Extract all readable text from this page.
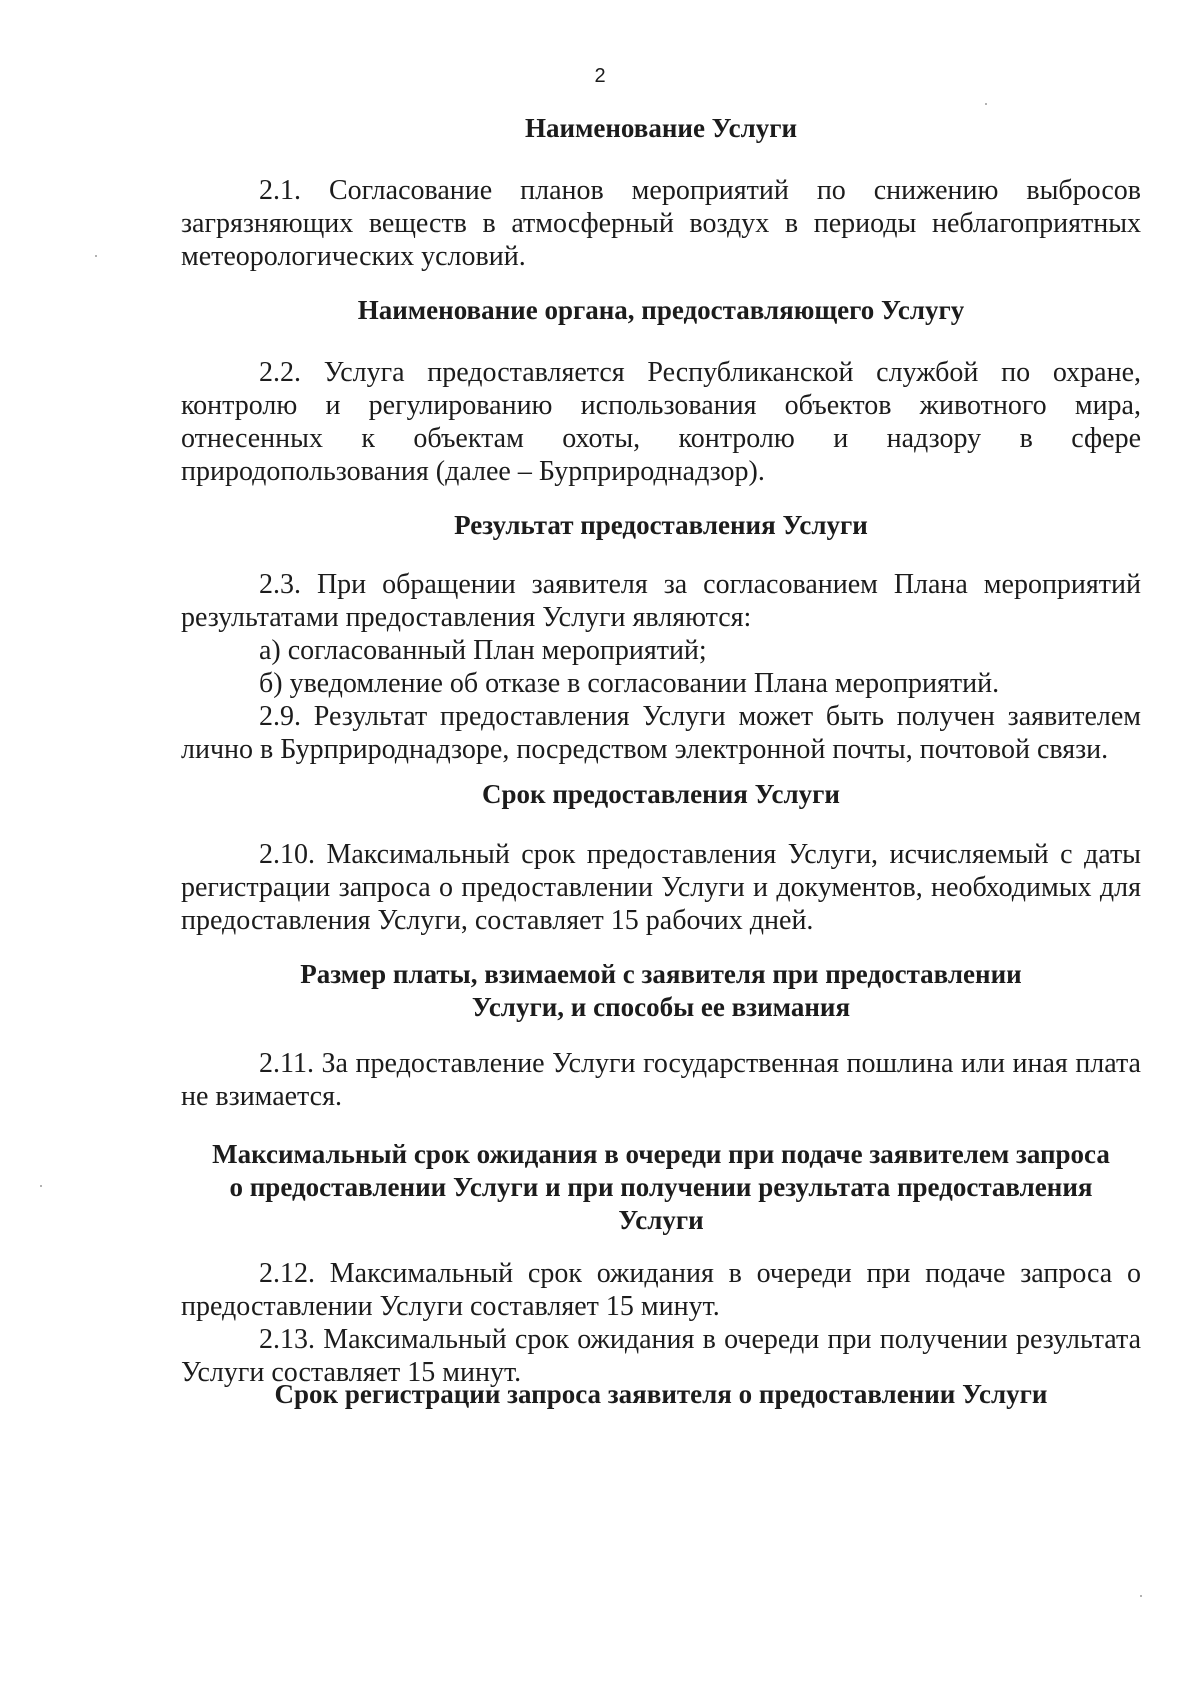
2
Наименование Услуги

2.1. Согласование планов мероприятий по снижению выбросов загрязняющих веществ в атмосферный воздух в периоды неблагоприятных метеорологических условий.

Наименование органа, предоставляющего Услугу

2.2. Услуга предоставляется Республиканской службой по охране, контролю и регулированию использования объектов животного мира, отнесенных к объектам охоты, контролю и надзору в сфере природопользования (далее – Бурприроднадзор).

Результат предоставления Услуги

2.3. При обращении заявителя за согласованием Плана мероприятий результатами предоставления Услуги являются:

а) согласованный План мероприятий;

б) уведомление об отказе в согласовании Плана мероприятий.

2.9. Результат предоставления Услуги может быть получен заявителем лично в Бурприроднадзоре, посредством электронной почты, почтовой связи.

Срок предоставления Услуги

2.10. Максимальный срок предоставления Услуги, исчисляемый с даты регистрации запроса о предоставлении Услуги и документов, необходимых для предоставления Услуги, составляет 15 рабочих дней.

Размер платы, взимаемой с заявителя при предоставлении
Услуги, и способы ее взимания

2.11. За предоставление Услуги государственная пошлина или иная плата не взимается.

Максимальный срок ожидания в очереди при подаче заявителем запроса
о предоставлении Услуги и при получении результата предоставления
Услуги

2.12. Максимальный срок ожидания в очереди при подаче запроса о предоставлении Услуги составляет 15 минут.

2.13. Максимальный срок ожидания в очереди при получении результата Услуги составляет 15 минут.

Срок регистрации запроса заявителя о предоставлении Услуги
